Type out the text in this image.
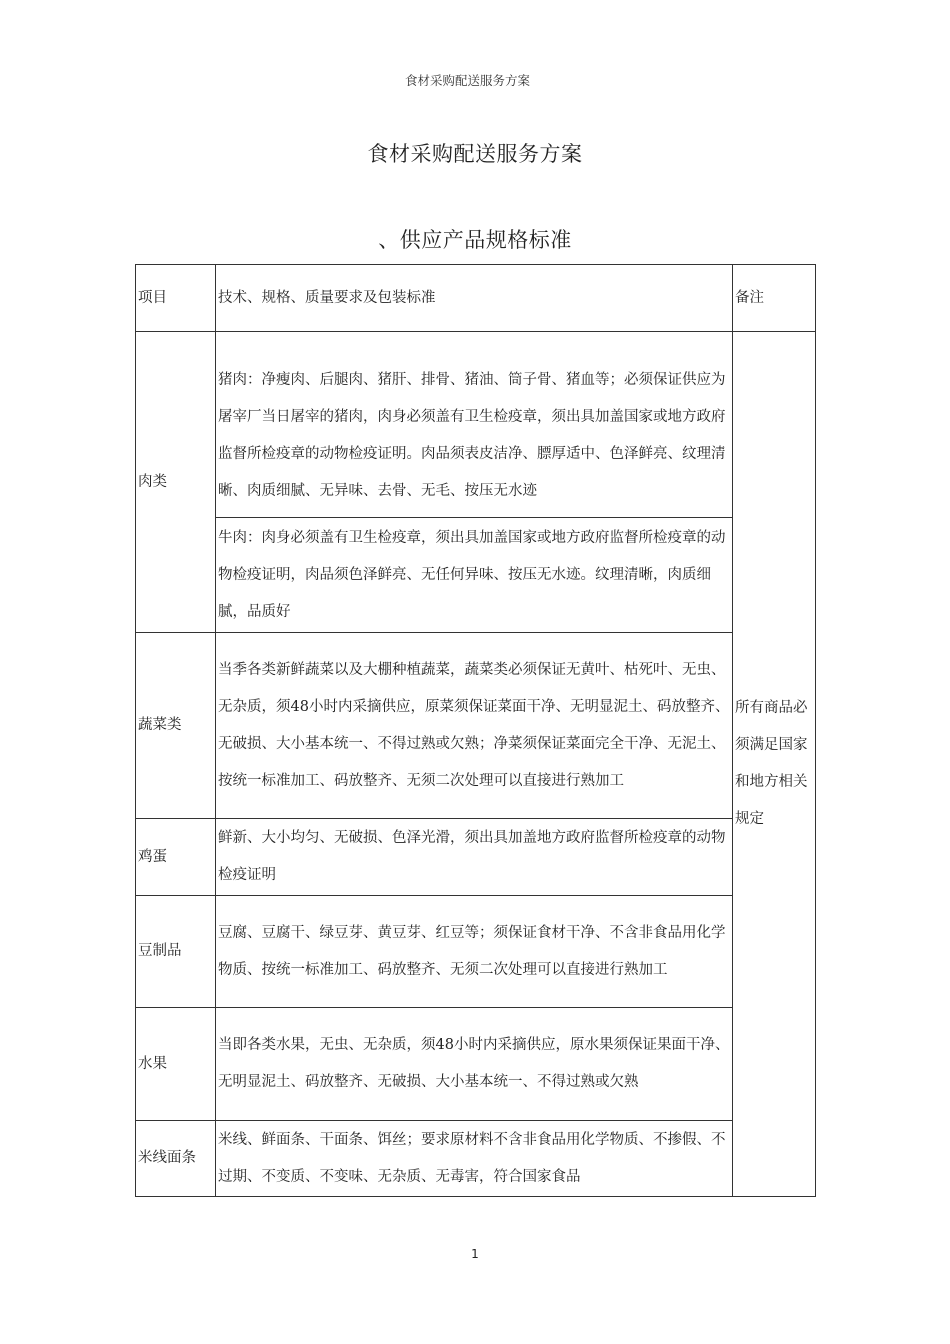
食材采购配送服务方案
食材采购配送服务方案
、供应产品规格标准
项目	技术、规格、质量要求及包装标准	备注
肉类	猪肉：净瘦肉、后腿肉、猪肝、排骨、猪油、筒子骨、猪血等；必须保证供应为屠宰厂当日屠宰的猪肉，肉身必须盖有卫生检疫章，须出具加盖国家或地方政府监督所检疫章的动物检疫证明。肉品须表皮洁净、膘厚适中、色泽鲜亮、纹理清晰、肉质细腻、无异味、去骨、无毛、按压无水迹	所有商品必须满足国家和地方相关规定
	牛肉：肉身必须盖有卫生检疫章，须出具加盖国家或地方政府监督所检疫章的动物检疫证明，肉品须色泽鲜亮、无任何异味、按压无水迹。纹理清晰，肉质细腻，品质好	
蔬菜类	当季各类新鲜蔬菜以及大棚种植蔬菜，蔬菜类必须保证无黄叶、枯死叶、无虫、无杂质，须48小时内采摘供应，原菜须保证菜面干净、无明显泥土、码放整齐、无破损、大小基本统一、不得过熟或欠熟；净菜须保证菜面完全干净、无泥土、按统一标准加工、码放整齐、无须二次处理可以直接进行熟加工	
鸡蛋	鲜新、大小均匀、无破损、色泽光滑，须出具加盖地方政府监督所检疫章的动物检疫证明	
豆制品	豆腐、豆腐干、绿豆芽、黄豆芽、红豆等；须保证食材干净、不含非食品用化学物质、按统一标准加工、码放整齐、无须二次处理可以直接进行熟加工	
水果	当即各类水果，无虫、无杂质，须48小时内采摘供应，原水果须保证果面干净、无明显泥土、码放整齐、无破损、大小基本统一、不得过熟或欠熟	
米线面条	米线、鲜面条、干面条、饵丝；要求原材料不含非食品用化学物质、不掺假、不过期、不变质、不变味、无杂质、无毒害，符合国家食品	
1
